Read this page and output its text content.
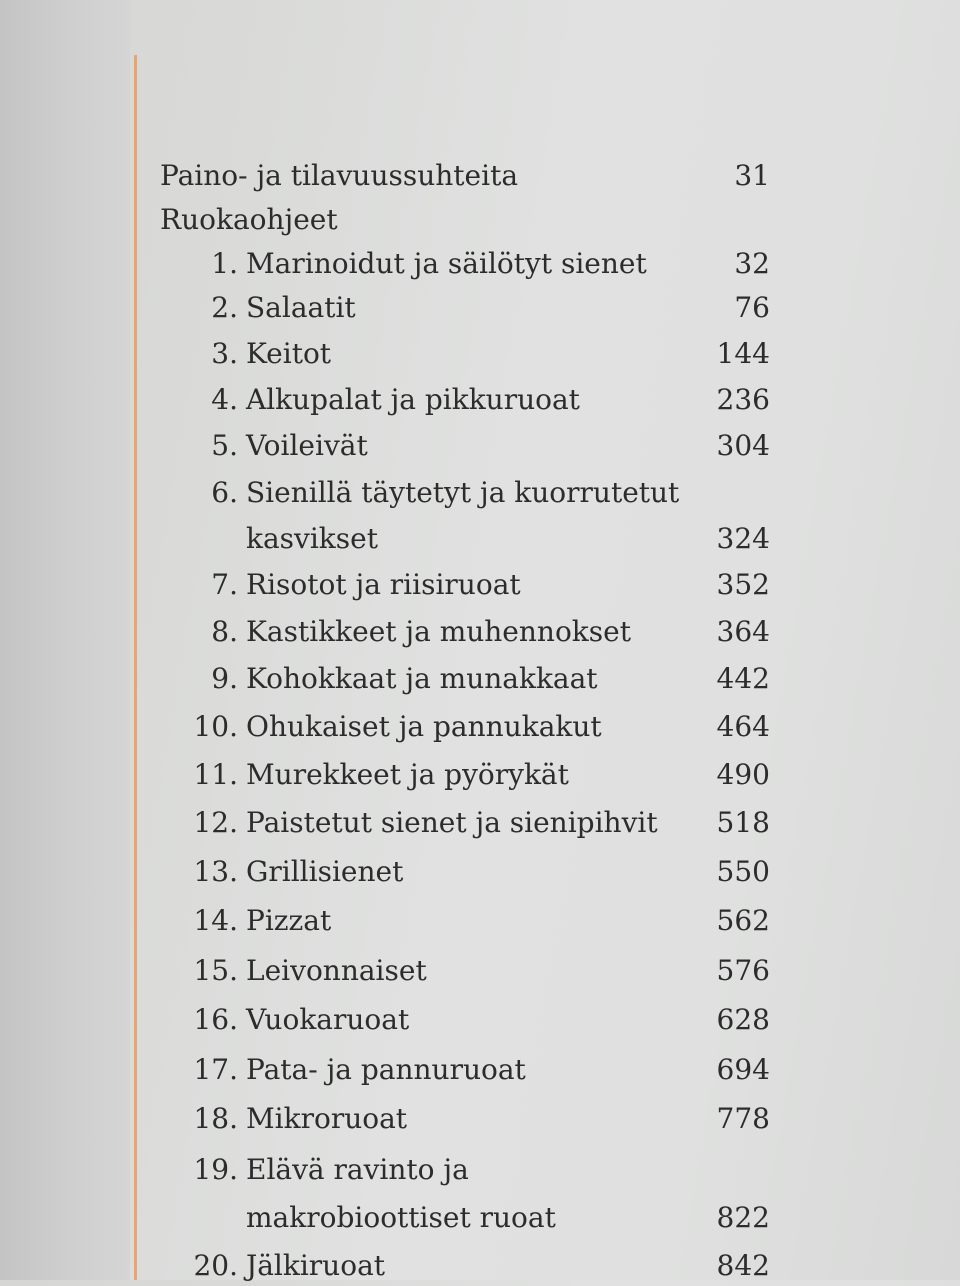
Paino- ja tilavuussuhteita	31
Ruokaohjeet
1. Marinoidut ja säilötyt sienet	32
2. Salaatit	76
3. Keitot	144
4. Alkupalat ja pikkuruoat	236
5. Voileivät	304
6. Sienillä täytetyt ja kuorrutetut
kasvikset	324
7. Risotot ja riisiruoat	352
8. Kastikkeet ja muhennokset	364
9. Kohokkaat ja munakkaat	442
10. Ohukaiset ja pannukakut	464
11. Murekkeet ja pyörykät	490
12. Paistetut sienet ja sienipihvit 518
13. Grillisienet	550
14. Pizzat	562
15. Leivonnaiset	576
16. Vuokaruoat	628
17. Pata- ja pannuruoat	694
18. Mikroruoat	778
19. Elävä ravinto ja
makrobioottiset ruoat	822
20. Jälkiruoat	842
